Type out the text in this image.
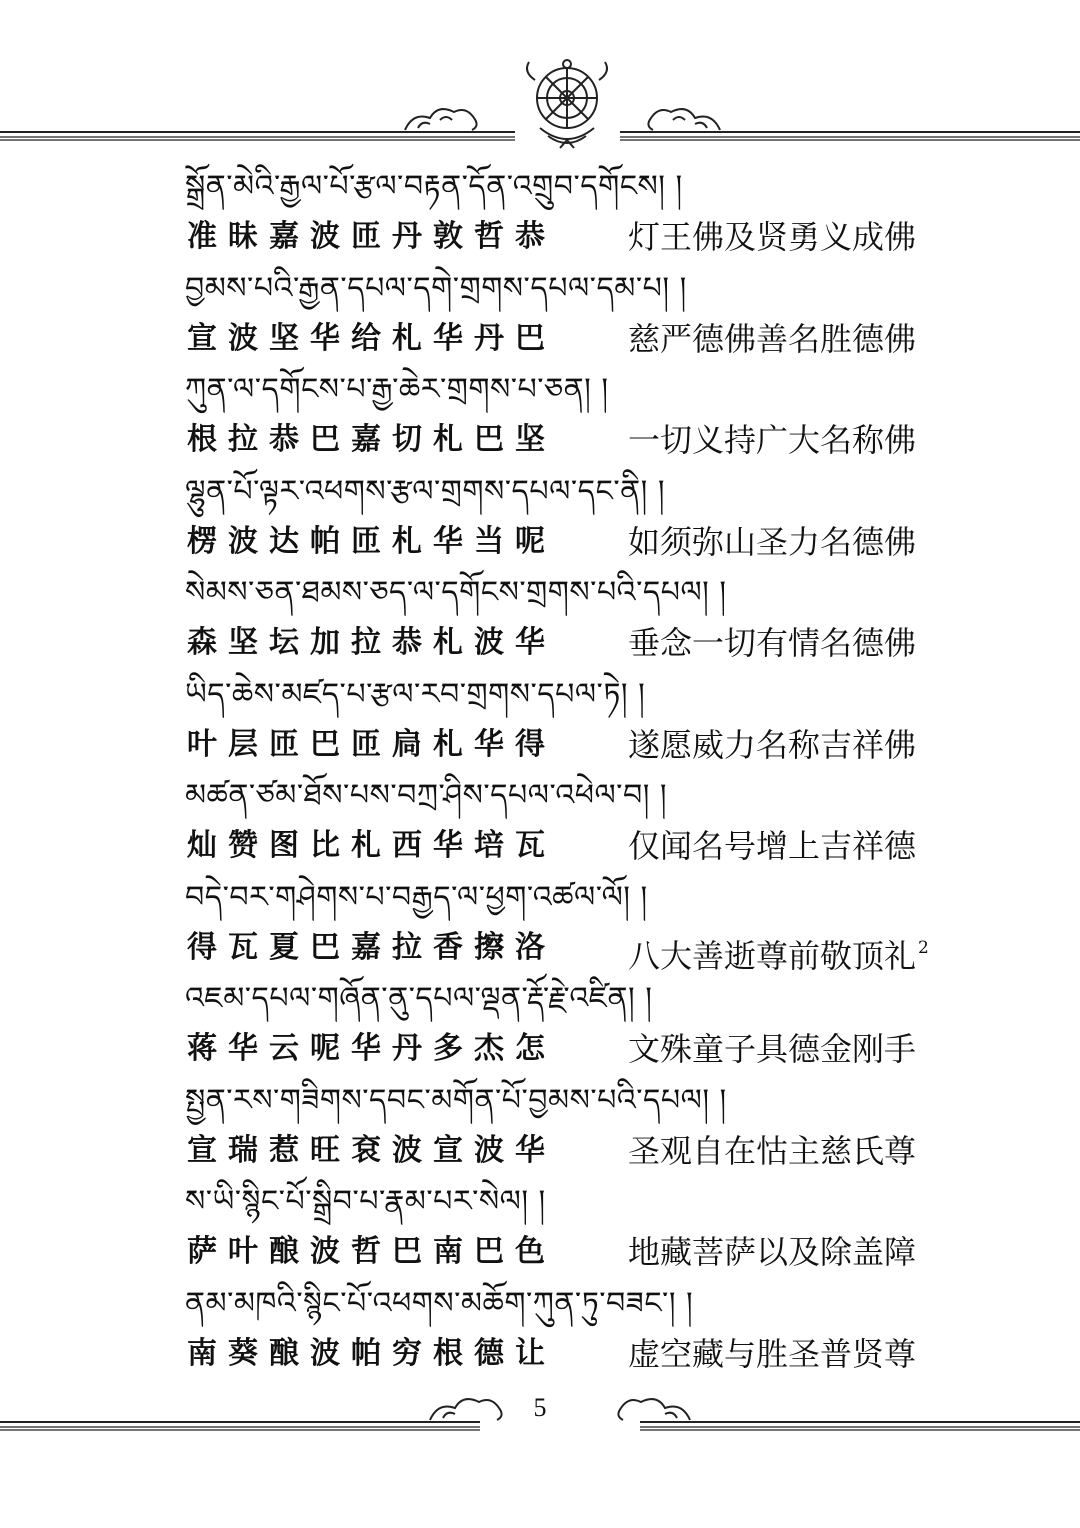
སྒྲོན་མེའི་རྒྱལ་པོ་རྩལ་བརྟན་དོན་འགྲུབ་དགོངས། །
准昧嘉波匝丹敦哲恭 灯王佛及贤勇义成佛
བྱམས་པའི་རྒྱན་དཔལ་དགེ་གྲགས་དཔལ་དམ་པ། །
宣波坚华给札华丹巴 慈严德佛善名胜德佛
ཀུན་ལ་དགོངས་པ་རྒྱ་ཆེར་གྲགས་པ་ཅན། །
根拉恭巴嘉切札巴坚 一切义持广大名称佛
ལྷུན་པོ་ལྟར་འཕགས་རྩལ་གྲགས་དཔལ་དང་ནི། །
楞波达帕匝札华当呢 如须弥山圣力名德佛
སེམས་ཅན་ཐམས་ཅད་ལ་དགོངས་གྲགས་པའི་དཔལ། །
森坚坛加拉恭札波华 垂念一切有情名德佛
ཡིད་ཆེས་མཛད་པ་རྩལ་རབ་གྲགས་དཔལ་ཏེ། །
叶层匝巴匝扃札华得 遂愿威力名称吉祥佛
མཚན་ཙམ་ཐོས་པས་བཀྲ་ཤིས་དཔལ་འཕེལ་བ། །
灿赞图比札西华培瓦 仅闻名号增上吉祥德
བདེ་བར་གཤེགས་པ་བརྒྱད་ལ་ཕྱག་འཚལ་ལོ། །
得瓦夏巴嘉拉香擦洛 八大善逝尊前敬顶礼 $^2$
འཇམ་དཔལ་གཞོན་ནུ་དཔལ་ལྡན་རྡོ་རྗེ་འཛིན། །
蒋华云呢华丹多杰怎 文殊童子具德金刚手
སྤྱན་རས་གཟིགས་དབང་མགོན་པོ་བྱམས་པའི་དཔལ། །
宣瑞惹旺袞波宣波华 圣观自在怙主慈氏尊
ས་ཡི་སྙིང་པོ་སྒྲིབ་པ་རྣམ་པར་སེལ། །
萨叶酿波哲巴南巴色 地藏菩萨以及除盖障
ནམ་མཁའི་སྙིང་པོ་འཕགས་མཆོག་ཀུན་ཏུ་བཟང་། །
南葵酿波帕穷根德让 虚空藏与胜圣普贤尊
5
